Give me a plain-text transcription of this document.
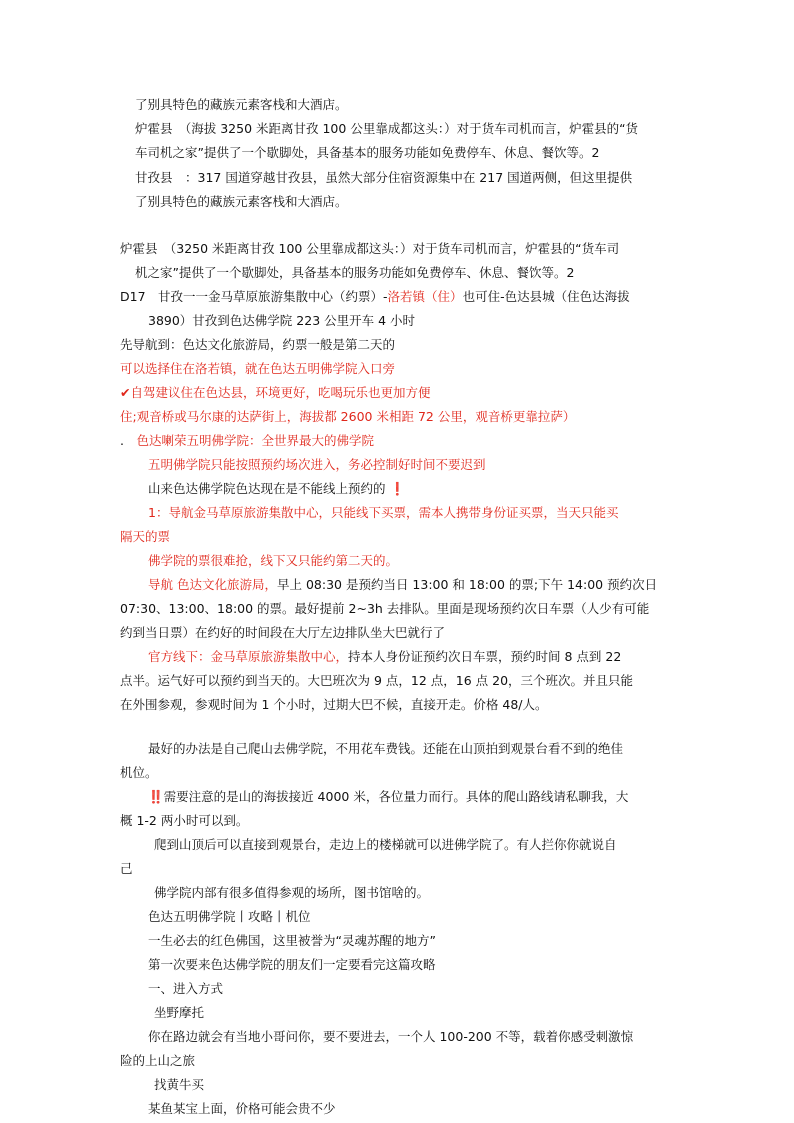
了别具特色的藏族元素客栈和大酒店。
炉霍县　（海拔 3250 米距离甘孜 100 公里靠成都这头：）对于货车司机而言，炉霍县的“货
车司机之家”提供了一个歇脚处，具备基本的服务功能如免费停车、休息、餐饮等。2
甘孜县　：317 国道穿越甘孜县，虽然大部分住宿资源集中在 217 国道两侧，但这里提供
了别具特色的藏族元素客栈和大酒店。
炉霍县　（3250 米距离甘孜 100 公里靠成都这头：）对于货车司机而言，炉霍县的“货车司
机之家”提供了一个歇脚处，具备基本的服务功能如免费停车、休息、餐饮等。2
D17　甘孜一一金马草原旅游集散中心（约票）-洛若镇（住）也可住-色达县城（住色达海拔
3890）甘孜到色达佛学院 223 公里开车 4 小时
先导航到：色达文化旅游局，约票一般是第二天的
可以选择住在洛若镇，就在色达五明佛学院入口旁
✔自驾建议住在色达县，环境更好，吃喝玩乐也更加方便
住;观音桥或马尔康的达萨街上，海拔都 2600 米相距 72 公里，观音桥更靠拉萨）
.　色达喇荣五明佛学院：全世界最大的佛学院
五明佛学院只能按照预约场次进入，务必控制好时间不要迟到
山来色达佛学院色达现在是不能线上预约的 ❗
1：导航金马草原旅游集散中心，只能线下买票，需本人携带身份证买票，当天只能买
隔天的票
佛学院的票很难抢，线下又只能约第二天的。
导航 色达文化旅游局，早上 08:30 是预约当日 13:00 和 18:00 的票;下午 14:00 预约次日
07:30、13:00、18:00 的票。最好提前 2~3h 去排队。里面是现场预约次日车票（人少有可能
约到当日票）在约好的时间段在大厅左边排队坐大巴就行了
官方线下：金马草原旅游集散中心，持本人身份证预约次日车票，预约时间 8 点到 22
点半。运气好可以预约到当天的。大巴班次为 9 点，12 点，16 点 20，三个班次。并且只能
在外围参观，参观时间为 1 个小时，过期大巴不候，直接开走。价格 48/人。
最好的办法是自己爬山去佛学院，不用花车费钱。还能在山顶拍到观景台看不到的绝佳
机位。
‼️需要注意的是山的海拔接近 4000 米，各位量力而行。具体的爬山路线请私聊我，大
概 1-2 两小时可以到。
爬到山顶后可以直接到观景台，走边上的楼梯就可以进佛学院了。有人拦你你就说自
己
佛学院内部有很多值得参观的场所，图书馆啥的。
色达五明佛学院丨攻略丨机位
一生必去的红色佛国，这里被誉为“灵魂苏醒的地方”
第一次要来色达佛学院的朋友们一定要看完这篇攻略
一、进入方式
坐野摩托
你在路边就会有当地小哥问你，要不要进去，一个人 100-200 不等，载着你感受刺激惊
险的上山之旅
找黄牛买
某鱼某宝上面，价格可能会贵不少
